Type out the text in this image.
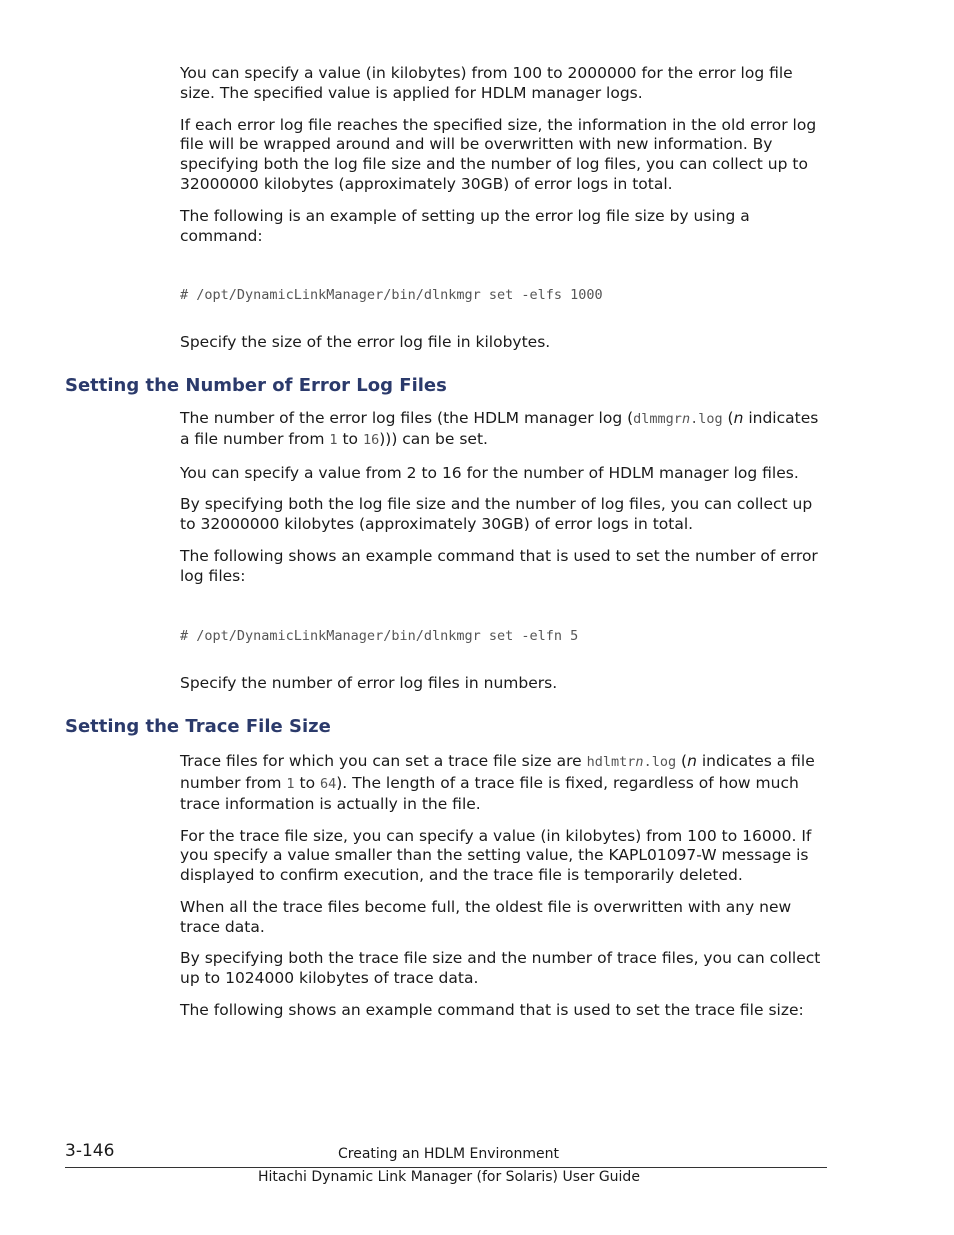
You can specify a value (in kilobytes) from 100 to 2000000 for the error log file size. The specified value is applied for HDLM manager logs.

If each error log file reaches the specified size, the information in the old error log file will be wrapped around and will be overwritten with new information. By specifying both the log file size and the number of log files, you can collect up to 32000000 kilobytes (approximately 30GB) of error logs in total.

The following is an example of setting up the error log file size by using a command:

# /opt/DynamicLinkManager/bin/dlnkmgr set -elfs 1000

Specify the size of the error log file in kilobytes.

Setting the Number of Error Log Files

The number of the error log files (the HDLM manager log (dlmmgrn.log (n indicates a file number from 1 to 16))) can be set.

You can specify a value from 2 to 16 for the number of HDLM manager log files.

By specifying both the log file size and the number of log files, you can collect up to 32000000 kilobytes (approximately 30GB) of error logs in total.

The following shows an example command that is used to set the number of error log files:

# /opt/DynamicLinkManager/bin/dlnkmgr set -elfn 5

Specify the number of error log files in numbers.

Setting the Trace File Size

Trace files for which you can set a trace file size are hdlmtrn.log (n indicates a file number from 1 to 64). The length of a trace file is fixed, regardless of how much trace information is actually in the file.

For the trace file size, you can specify a value (in kilobytes) from 100 to 16000. If you specify a value smaller than the setting value, the KAPL01097-W message is displayed to confirm execution, and the trace file is temporarily deleted.

When all the trace files become full, the oldest file is overwritten with any new trace data.

By specifying both the trace file size and the number of trace files, you can collect up to 1024000 kilobytes of trace data.

The following shows an example command that is used to set the trace file size:

3-146	Creating an HDLM Environment
Hitachi Dynamic Link Manager (for Solaris) User Guide
